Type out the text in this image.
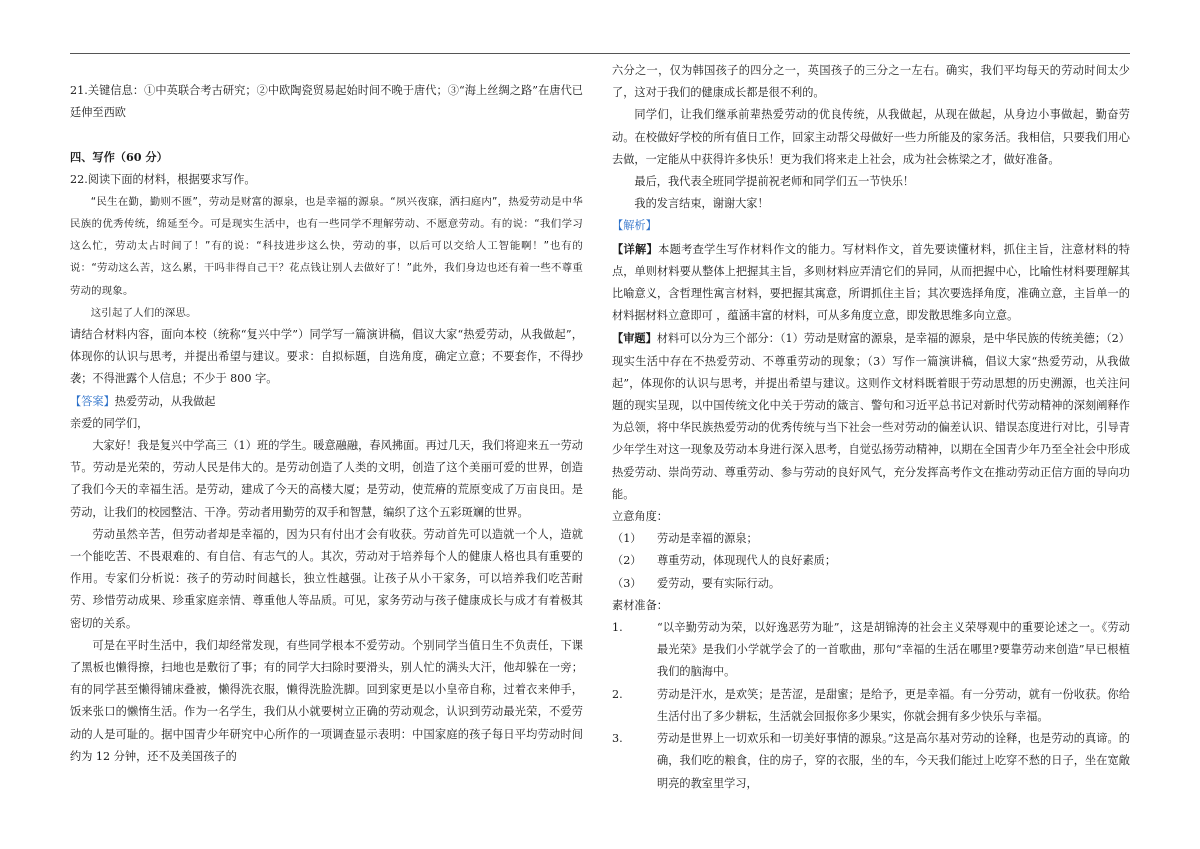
21.关键信息：①中英联合考古研究；②中欧陶瓷贸易起始时间不晚于唐代；③“海上丝绸之路”在唐代已廷伸至西欧

四、写作（60 分）

22.阅读下面的材料，根据要求写作。

“民生在勤，勤则不匮”，劳动是财富的源泉，也是幸福的源泉。“夙兴夜寐，洒扫庭内”，热爱劳动是中华民族的优秀传统，绵延至今。可是现实生活中，也有一些同学不理解劳动、不愿意劳动。有的说：“我们学习这么忙，劳动太占时间了！”有的说：“科技进步这么快，劳动的事，以后可以交给人工智能啊！”也有的说：“劳动这么苦，这么累，干吗非得自己干？花点钱让别人去做好了！”此外，我们身边也还有着一些不尊重劳动的现象。

这引起了人们的深思。

请结合材料内容，面向本校（统称“复兴中学”）同学写一篇演讲稿，倡议大家“热爱劳动，从我做起”，体现你的认识与思考，并提出希望与建议。要求：自拟标题，自选角度，确定立意；不要套作，不得抄袭；不得泄露个人信息；不少于 800 字。

【答案】热爱劳动，从我做起

亲爱的同学们，

大家好！我是复兴中学高三（1）班的学生。暖意融融，春风拂面。再过几天，我们将迎来五一劳动节。劳动是光荣的，劳动人民是伟大的。是劳动创造了人类的文明，创造了这个美丽可爱的世界，创造了我们今天的幸福生活。是劳动，建成了今天的高楼大厦；是劳动，使荒瘠的荒原变成了万亩良田。是劳动，让我们的校园整洁、干净。劳动者用勤劳的双手和智慧，编织了这个五彩斑斓的世界。

劳动虽然辛苦，但劳动者却是幸福的，因为只有付出才会有收获。劳动首先可以造就一个人，造就一个能吃苦、不畏艰难的、有自信、有志气的人。其次，劳动对于培养每个人的健康人格也具有重要的作用。专家们分析说：孩子的劳动时间越长，独立性越强。让孩子从小干家务，可以培养我们吃苦耐劳、珍惜劳动成果、珍重家庭亲情、尊重他人等品质。可见，家务劳动与孩子健康成长与成才有着极其密切的关系。

可是在平时生活中，我们却经常发现，有些同学根本不爱劳动。个别同学当值日生不负责任，下课了黑板也懒得擦，扫地也是敷衍了事；有的同学大扫除时要滑头，别人忙的满头大汗，他却躲在一旁；有的同学甚至懒得铺床叠被，懒得洗衣服，懒得洗脸洗脚。回到家更是以小皇帝自称，过着衣来伸手，饭来张口的懒惰生活。作为一名学生，我们从小就要树立正确的劳动观念，认识到劳动最光荣，不爱劳动的人是可耻的。据中国青少年研究中心所作的一项调查显示表明：中国家庭的孩子每日平均劳动时间约为 12 分钟，还不及美国孩子的

六分之一，仅为韩国孩子的四分之一，英国孩子的三分之一左右。确实，我们平均每天的劳动时间太少了，这对于我们的健康成长都是很不利的。

同学们，让我们继承前辈热爱劳动的优良传统，从我做起，从现在做起，从身边小事做起，勤奋劳动。在校做好学校的所有值日工作，回家主动帮父母做好一些力所能及的家务活。我相信，只要我们用心去做，一定能从中获得许多快乐！更为我们将来走上社会，成为社会栋梁之才，做好准备。

最后，我代表全班同学提前祝老师和同学们五一节快乐！

我的发言结束，谢谢大家！

【解析】

【详解】本题考查学生写作材料作文的能力。写材料作文，首先要读懂材料，抓住主旨，注意材料的特点，单则材料要从整体上把握其主旨，多则材料应弄清它们的异同，从而把握中心，比喻性材料要理解其比喻意义，含哲理性寓言材料，要把握其寓意，所谓抓住主旨；其次要选择角度，准确立意，主旨单一的材料据材料立意即可 ，蕴涵丰富的材料，可从多角度立意，即发散思维多向立意。

【审题】材料可以分为三个部分：（1）劳动是财富的源泉，是幸福的源泉，是中华民族的传统美德；（2）现实生活中存在不热爱劳动、不尊重劳动的现象；（3）写作一篇演讲稿，倡议大家“热爱劳动，从我做起”，体现你的认识与思考，并提出希望与建议。这则作文材料既着眼于劳动思想的历史溯源，也关注问题的现实呈现，以中国传统文化中关于劳动的箴言、警句和习近平总书记对新时代劳动精神的深刻阐释作为总领，将中华民族热爱劳动的优秀传统与当下社会一些对劳动的偏差认识、错误态度进行对比，引导青少年学生对这一现象及劳动本身进行深入思考，自觉弘扬劳动精神，以期在全国青少年乃至全社会中形成热爱劳动、崇尚劳动、尊重劳动、参与劳动的良好风气，充分发挥高考作文在推动劳动正信方面的导向功能。

立意角度：

（1）	劳动是幸福的源泉；
（2）	尊重劳动，体现现代人的良好素质；
（3）	爱劳动，要有实际行动。

素材准备：

1.	“以辛勤劳动为荣，以好逸恶劳为耻”，这是胡锦涛的社会主义荣辱观中的重要论述之一。《劳动最光荣》是我们小学就学会了的一首歌曲，那句“幸福的生活在哪里?要靠劳动来创造”早已根植我们的脑海中。
2.	劳动是汗水，是欢笑；是苦涩，是甜蜜；是给予，更是幸福。有一分劳动，就有一份收获。你给生活付出了多少耕耘，生活就会回报你多少果实，你就会拥有多少快乐与幸福。
3.	劳动是世界上一切欢乐和一切美好事情的源泉。”这是高尔基对劳动的诠释，也是劳动的真谛。的确，我们吃的粮食，住的房子，穿的衣服，坐的车，今天我们能过上吃穿不愁的日子，坐在宽敞明亮的教室里学习，
